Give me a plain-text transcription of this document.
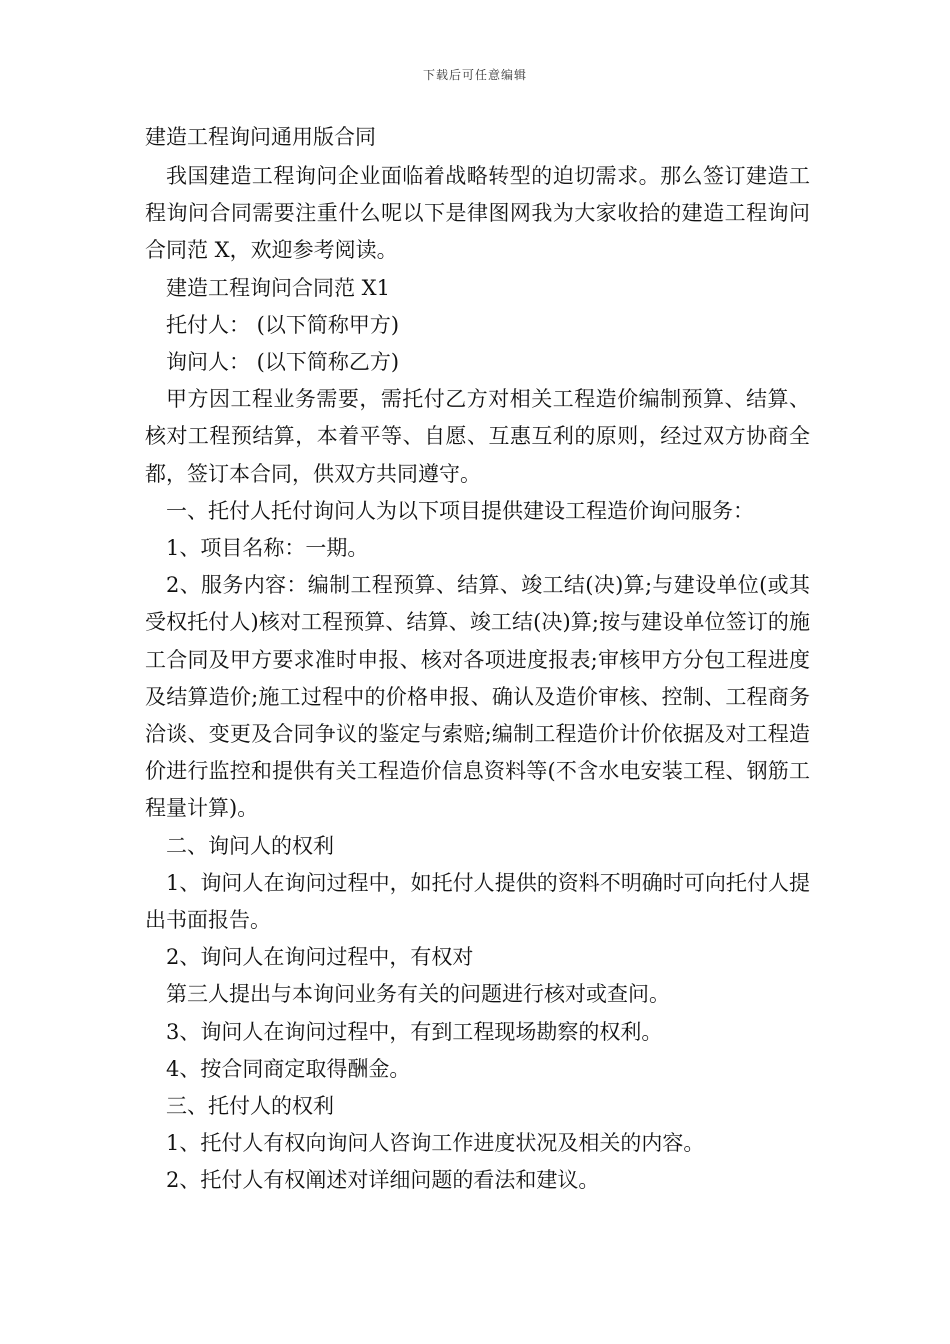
下载后可任意编辑

建造工程询问通用版合同

我国建造工程询问企业面临着战略转型的迫切需求。那么签订建造工程询问合同需要注重什么呢以下是律图网我为大家收拾的建造工程询问合同范 X，欢迎参考阅读。

建造工程询问合同范 X1

托付人： (以下简称甲方)

询问人： (以下简称乙方)

甲方因工程业务需要，需托付乙方对相关工程造价编制预算、结算、核对工程预结算，本着平等、自愿、互惠互利的原则，经过双方协商全都，签订本合同，供双方共同遵守。

一、托付人托付询问人为以下项目提供建设工程造价询问服务：

1、项目名称：一期。

2、服务内容：编制工程预算、结算、竣工结(决)算;与建设单位(或其受权托付人)核对工程预算、结算、竣工结(决)算;按与建设单位签订的施工合同及甲方要求准时申报、核对各项进度报表;审核甲方分包工程进度及结算造价;施工过程中的价格申报、确认及造价审核、控制、工程商务洽谈、变更及合同争议的鉴定与索赔;编制工程造价计价依据及对工程造价进行监控和提供有关工程造价信息资料等(不含水电安装工程、钢筋工程量计算)。

二、询问人的权利

1、询问人在询问过程中，如托付人提供的资料不明确时可向托付人提出书面报告。

2、询问人在询问过程中，有权对

第三人提出与本询问业务有关的问题进行核对或查问。

3、询问人在询问过程中，有到工程现场勘察的权利。

4、按合同商定取得酬金。

三、托付人的权利

1、托付人有权向询问人咨询工作进度状况及相关的内容。

2、托付人有权阐述对详细问题的看法和建议。
